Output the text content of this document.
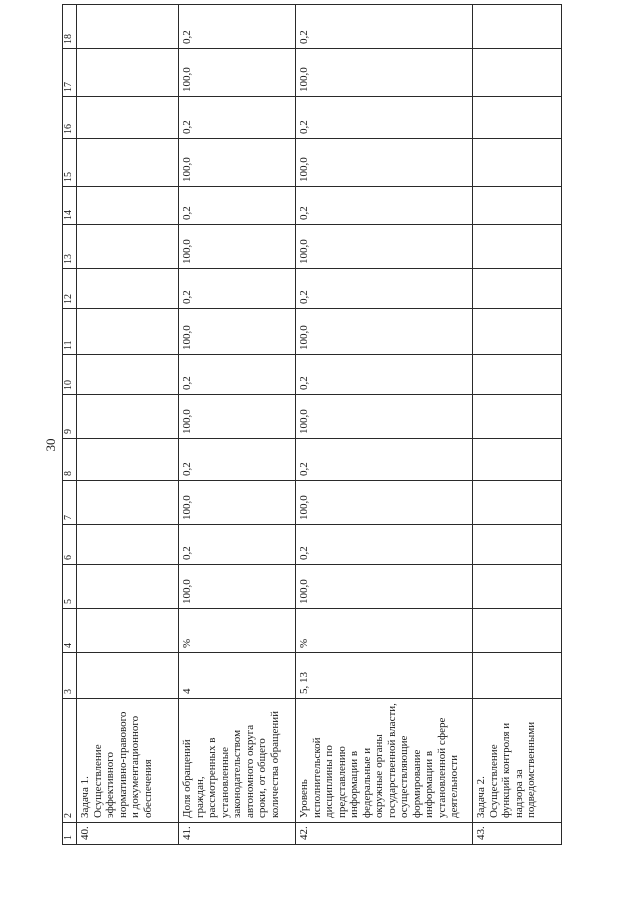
30
1	2	3	4	5	6	7	8	9	10	11	12	13	14	15	16	17	18
40.	Задача 1. Осуществление эффективного нормативно-правового и документационного обеспечения																
41.	Доля обращений граждан, рассмотренных в установленные законодательством автономного округа сроки, от общего количества обращений	4	%	100,0	0,2	100,0	0,2	100,0	0,2	100,0	0,2	100,0	0,2	100,0	0,2	100,0	0,2
42.	Уровень исполнительской дисциплины по представлению информации в федеральные и окружные органы государственной власти, осуществляющие формирование информации в установленной сфере деятельности	5, 13	%	100,0	0,2	100,0	0,2	100,0	0,2	100,0	0,2	100,0	0,2	100,0	0,2	100,0	0,2
43.	Задача 2. Осуществление функций контроля и надзора за подведомственными																
